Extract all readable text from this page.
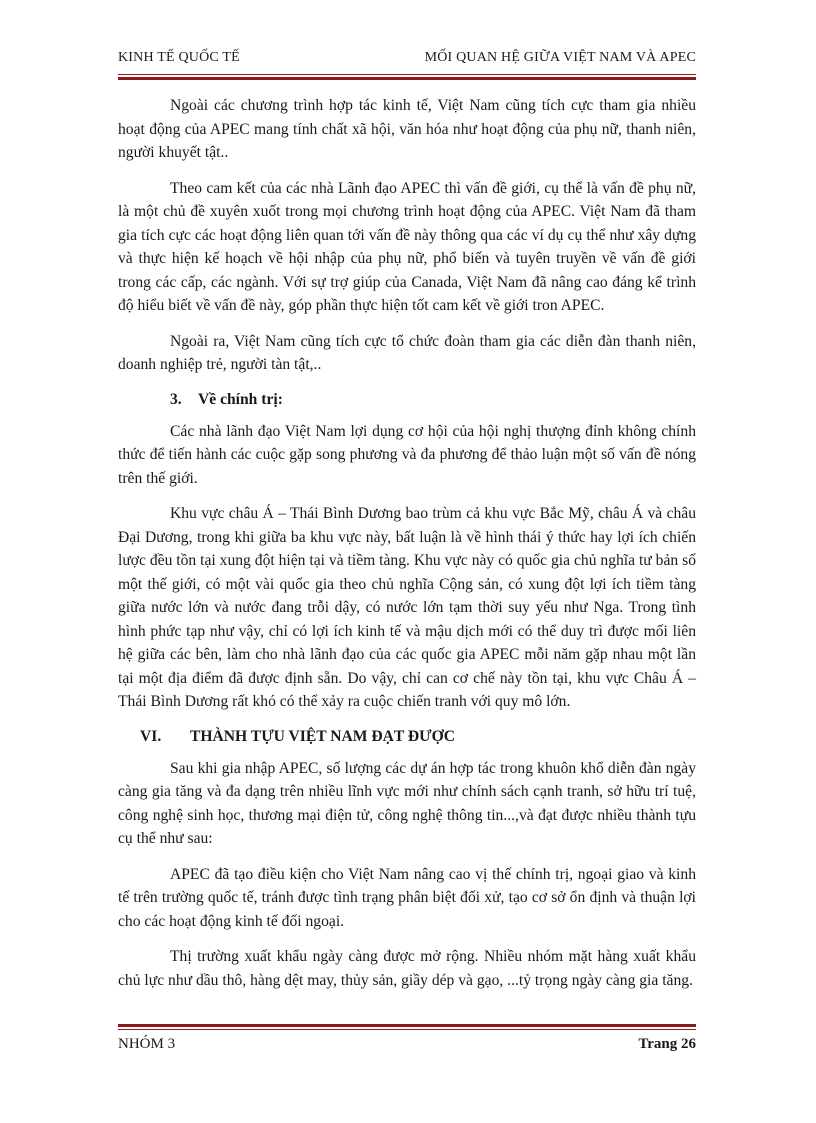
KINH TẾ QUỐC TẾ	MỐI QUAN HỆ GIỮA VIỆT NAM VÀ APEC

Ngoài các chương trình hợp tác kinh tế, Việt Nam cũng tích cực tham gia nhiều hoạt động của APEC mang tính chất xã hội, văn hóa như hoạt động của phụ nữ, thanh niên, người khuyết tật..

Theo cam kết của các nhà Lãnh đạo APEC thì vấn đề giới, cụ thể là vấn đề phụ nữ, là một chủ đề xuyên xuốt trong mọi chương trình hoạt động của APEC. Việt Nam đã tham gia tích cực các hoạt động liên quan tới vấn đề này thông qua các ví dụ cụ thể như xây dựng và thực hiện kế hoạch về hội nhập của phụ nữ, phổ biến và tuyên truyền về vấn đề giới trong các cấp, các ngành. Với sự trợ giúp của Canada, Việt Nam đã nâng cao đáng kể trình độ hiểu biết về vấn đề này, góp phần thực hiện tốt cam kết về giới tron APEC.

Ngoài ra, Việt Nam cũng tích cực tổ chức đoàn tham gia các diễn đàn thanh niên, doanh nghiệp trẻ, người tàn tật,..

3. Về chính trị:

Các nhà lãnh đạo Việt Nam lợi dụng cơ hội của hội nghị thượng đỉnh không chính thức để tiến hành các cuộc gặp song phương và đa phương để thảo luận một số vấn đề nóng trên thế giới.

Khu vực châu Á – Thái Bình Dương bao trùm cả khu vực Bắc Mỹ, châu Á và châu Đại Dương, trong khi giữa ba khu vực này, bất luận là về hình thái ý thức hay lợi ích chiến lược đều tồn tại xung đột hiện tại và tiềm tàng. Khu vực này có quốc gia chủ nghĩa tư bản số một thế giới, có một vài quốc gia theo chủ nghĩa Cộng sản, có xung đột lợi ích tiềm tàng giữa nước lớn và nước đang trỗi dậy, có nước lớn tạm thời suy yếu như Nga. Trong tình hình phức tạp như vậy, chỉ có lợi ích kinh tế và mậu dịch mới có thể duy trì được mối liên hệ giữa các bên, làm cho nhà lãnh đạo của các quốc gia APEC mỗi năm gặp nhau một lần tại một địa điểm đã được định sẵn. Do vậy, chỉ can cơ chế này tồn tại, khu vực Châu Á – Thái Bình Dương rất khó có thể xảy ra cuộc chiến tranh với quy mô lớn.

VI. THÀNH TỰU VIỆT NAM ĐẠT ĐƯỢC

Sau khi gia nhập APEC, số lượng các dự án hợp tác trong khuôn khổ diễn đàn ngày càng gia tăng và đa dạng trên nhiều lĩnh vực mới như chính sách cạnh tranh, sở hữu trí tuệ, công nghệ sinh học, thương mại điện tử, công nghệ thông tin...,và đạt được nhiều thành tựu cụ thể như sau:

APEC đã tạo điều kiện cho Việt Nam nâng cao vị thế chính trị, ngoại giao và kinh tế trên trường quốc tế, tránh được tình trạng phân biệt đối xử, tạo cơ sở ổn định và thuận lợi cho các hoạt động kinh tế đối ngoại.

Thị trường xuất khẩu ngày càng được mở rộng. Nhiều nhóm mặt hàng xuất khẩu chủ lực như dầu thô, hàng dệt may, thủy sản, giầy dép và gạo, ...tỷ trọng ngày càng gia tăng.

NHÓM 3	Trang 26
